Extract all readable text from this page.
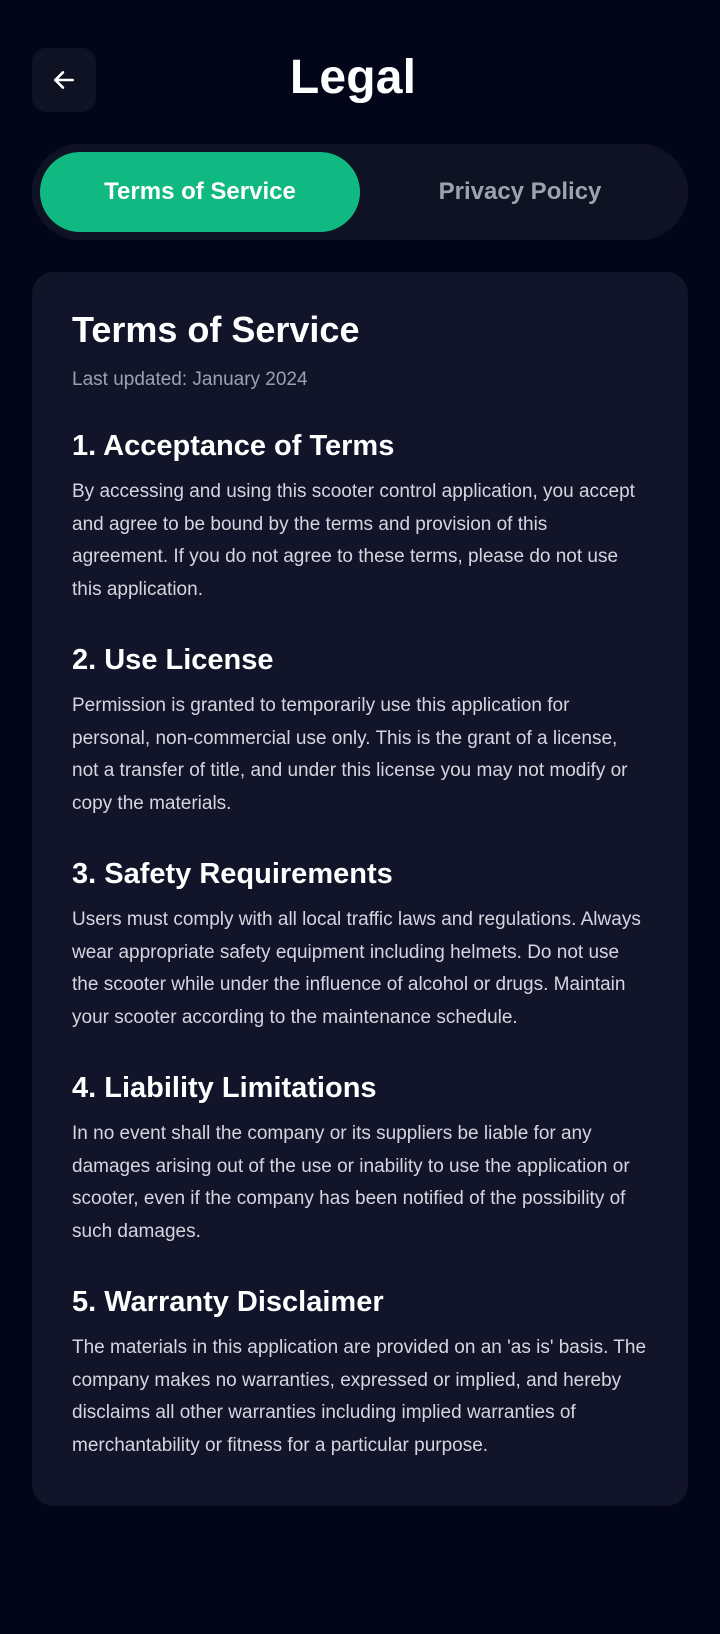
Legal
Terms of Service	Privacy Policy
Terms of Service
Last updated: January 2024
1. Acceptance of Terms
By accessing and using this scooter control application, you accept and agree to be bound by the terms and provision of this agreement. If you do not agree to these terms, please do not use this application.
2. Use License
Permission is granted to temporarily use this application for personal, non-commercial use only. This is the grant of a license, not a transfer of title, and under this license you may not modify or copy the materials.
3. Safety Requirements
Users must comply with all local traffic laws and regulations. Always wear appropriate safety equipment including helmets. Do not use the scooter while under the influence of alcohol or drugs. Maintain your scooter according to the maintenance schedule.
4. Liability Limitations
In no event shall the company or its suppliers be liable for any damages arising out of the use or inability to use the application or scooter, even if the company has been notified of the possibility of such damages.
5. Warranty Disclaimer
The materials in this application are provided on an 'as is' basis. The company makes no warranties, expressed or implied, and hereby disclaims all other warranties including implied warranties of merchantability or fitness for a particular purpose.
